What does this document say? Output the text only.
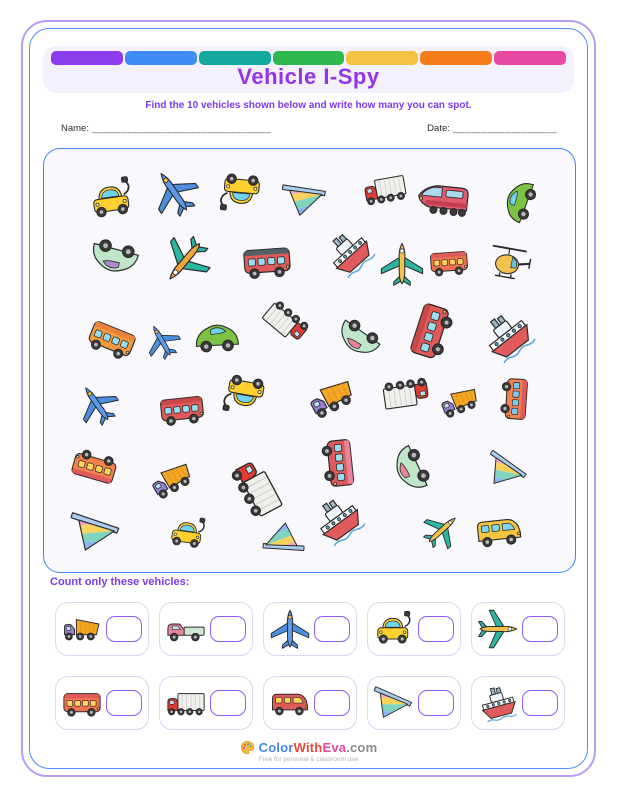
Vehicle I-Spy

Find the 10 vehicles shown below and write how many you can spot.

Name: _______________________________	Date: __________________
Count only these vehicles:
ColorWithEva.com
Free for personal & classroom use
